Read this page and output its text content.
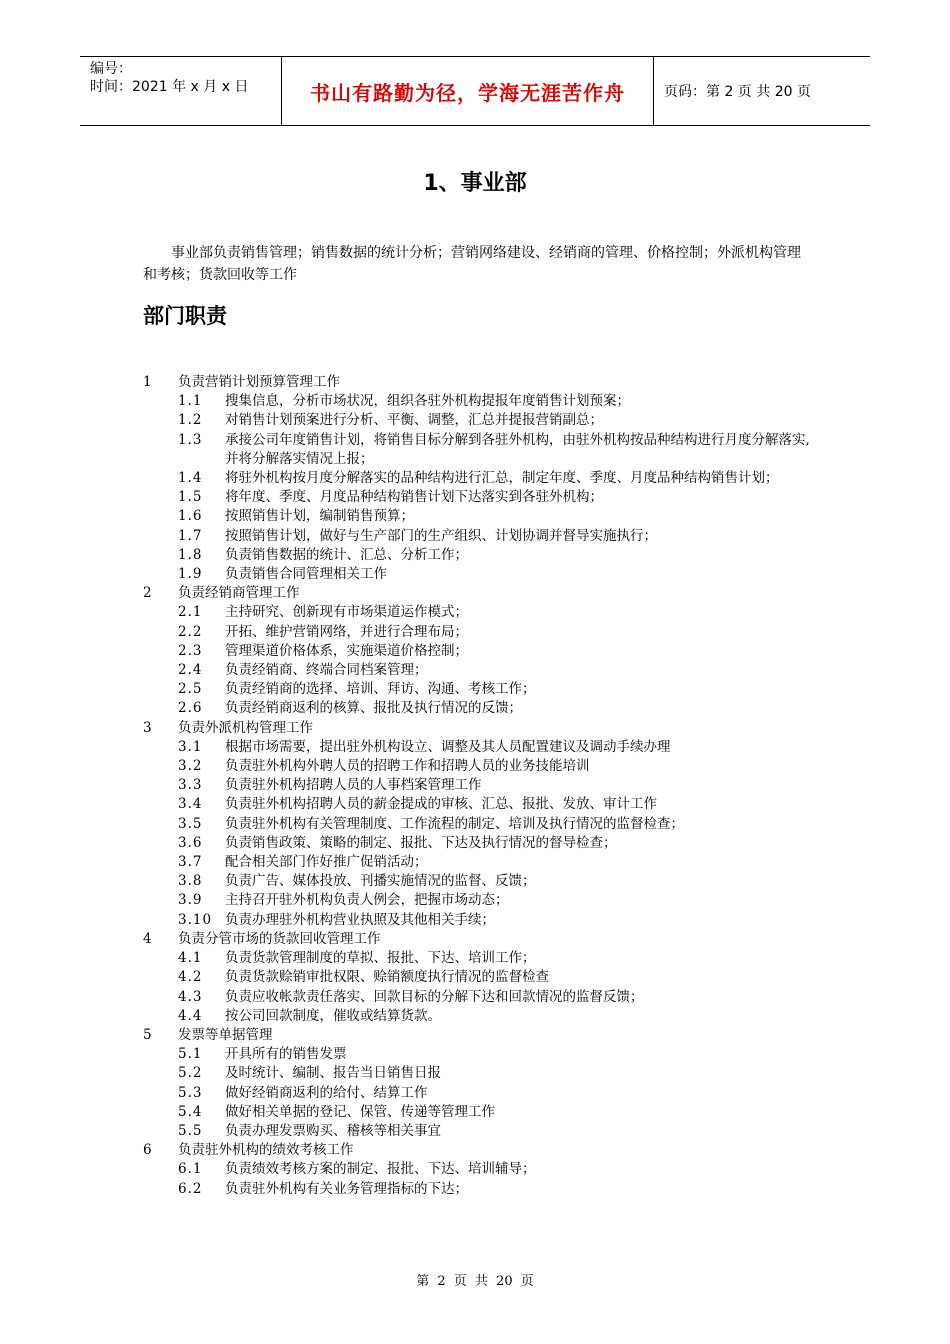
编号：
时间：2021 年 x 月 x 日	书山有路勤为径，学海无涯苦作舟	页码：第 2 页 共 20 页
1、事业部

事业部负责销售管理；销售数据的统计分析；营销网络建设、经销商的管理、价格控制；外派机构管理和考核；货款回收等工作

部门职责
1	负责营销计划预算管理工作
1.1	搜集信息，分析市场状况，组织各驻外机构提报年度销售计划预案；
1.2	对销售计划预案进行分析、平衡、调整，汇总并提报营销副总；
1.3	承接公司年度销售计划，将销售目标分解到各驻外机构，由驻外机构按品种结构进行月度分解落实,并将分解落实情况上报；
1.4	将驻外机构按月度分解落实的品种结构进行汇总，制定年度、季度、月度品种结构销售计划；
1.5	将年度、季度、月度品种结构销售计划下达落实到各驻外机构；
1.6	按照销售计划，编制销售预算；
1.7	按照销售计划，做好与生产部门的生产组织、计划协调并督导实施执行；
1.8	负责销售数据的统计、汇总、分析工作；
1.9	负责销售合同管理相关工作
2	负责经销商管理工作
2.1	主持研究、创新现有市场渠道运作模式；
2.2	开拓、维护营销网络，并进行合理布局；
2.3	管理渠道价格体系，实施渠道价格控制；
2.4	负责经销商、终端合同档案管理；
2.5	负责经销商的选择、培训、拜访、沟通、考核工作；
2.6	负责经销商返利的核算、报批及执行情况的反馈；
3	负责外派机构管理工作
3.1	根据市场需要，提出驻外机构设立、调整及其人员配置建议及调动手续办理
3.2	负责驻外机构外聘人员的招聘工作和招聘人员的业务技能培训
3.3	负责驻外机构招聘人员的人事档案管理工作
3.4	负责驻外机构招聘人员的薪金提成的审核、汇总、报批、发放、审计工作
3.5	负责驻外机构有关管理制度、工作流程的制定、培训及执行情况的监督检查；
3.6	负责销售政策、策略的制定、报批、下达及执行情况的督导检查；
3.7	配合相关部门作好推广促销活动；
3.8	负责广告、媒体投放、刊播实施情况的监督、反馈；
3.9	主持召开驻外机构负责人例会，把握市场动态；
3.10 负责办理驻外机构营业执照及其他相关手续；
4	负责分管市场的货款回收管理工作
4.1	负责货款管理制度的草拟、报批、下达、培训工作；
4.2	负责货款赊销审批权限、赊销额度执行情况的监督检查
4.3	负责应收帐款责任落实、回款目标的分解下达和回款情况的监督反馈；
4.4	按公司回款制度，催收或结算货款。
5	发票等单据管理
5.1	开具所有的销售发票
5.2	及时统计、编制、报告当日销售日报
5.3	做好经销商返利的给付、结算工作
5.4	做好相关单据的登记、保管、传递等管理工作
5.5	负责办理发票购买、稽核等相关事宜
6	负责驻外机构的绩效考核工作
6.1	负责绩效考核方案的制定、报批、下达、培训辅导；
6.2	负责驻外机构有关业务管理指标的下达；
第 2 页 共 20 页
